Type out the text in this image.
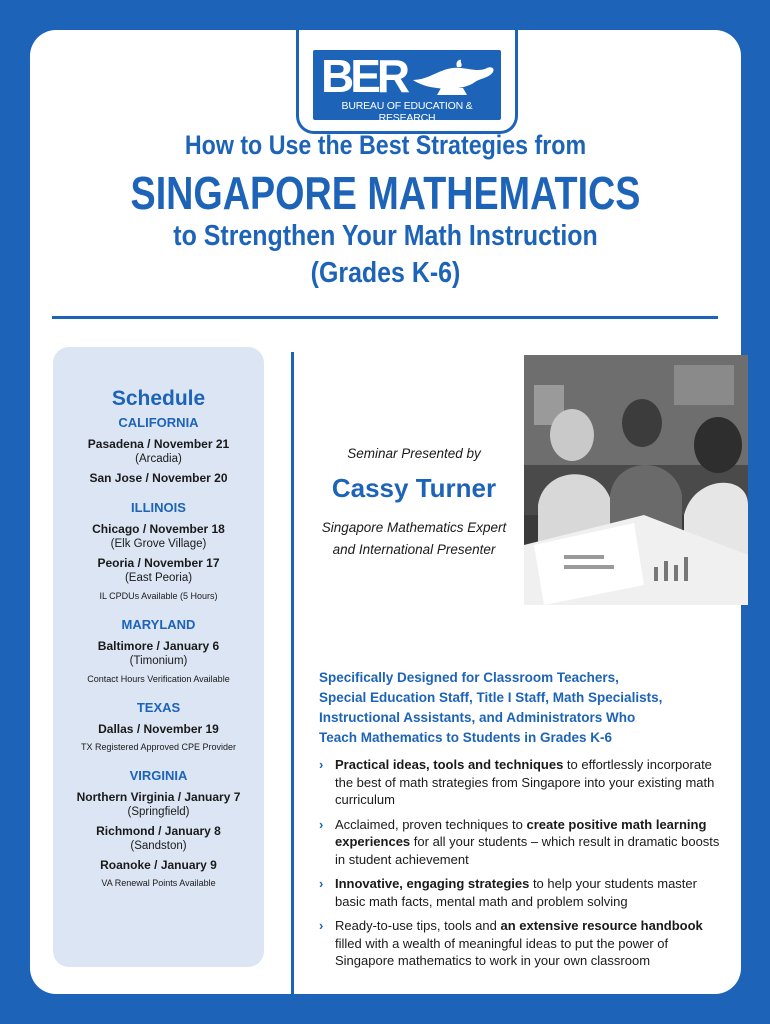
BER
BUREAU OF EDUCATION & RESEARCH
How to Use the Best Strategies from
SINGAPORE MATHEMATICS
to Strengthen Your Math Instruction
(Grades K-6)
Schedule
CALIFORNIA
Pasadena / November 21
(Arcadia)
San Jose / November 20
ILLINOIS
Chicago / November 18
(Elk Grove Village)
Peoria / November 17
(East Peoria)
IL CPDUs Available (5 Hours)
MARYLAND
Baltimore / January 6
(Timonium)
Contact Hours Verification Available
TEXAS
Dallas / November 19
TX Registered Approved CPE Provider
VIRGINIA
Northern Virginia / January 7
(Springfield)
Richmond / January 8
(Sandston)
Roanoke / January 9
VA Renewal Points Available
Seminar Presented by
Cassy Turner
Singapore Mathematics Expert
and International Presenter
Specifically Designed for Classroom Teachers,
Special Education Staff, Title I Staff, Math Specialists,
Instructional Assistants, and Administrators Who
Teach Mathematics to Students in Grades K-6
› Practical ideas, tools and techniques to effortlessly incorporate the best of math strategies from Singapore into your existing math curriculum
› Acclaimed, proven techniques to create positive math learning experiences for all your students – which result in dramatic boosts in student achievement
› Innovative, engaging strategies to help your students master basic math facts, mental math and problem solving
› Ready-to-use tips, tools and an extensive resource handbook filled with a wealth of meaningful ideas to put the power of Singapore mathematics to work in your own classroom
